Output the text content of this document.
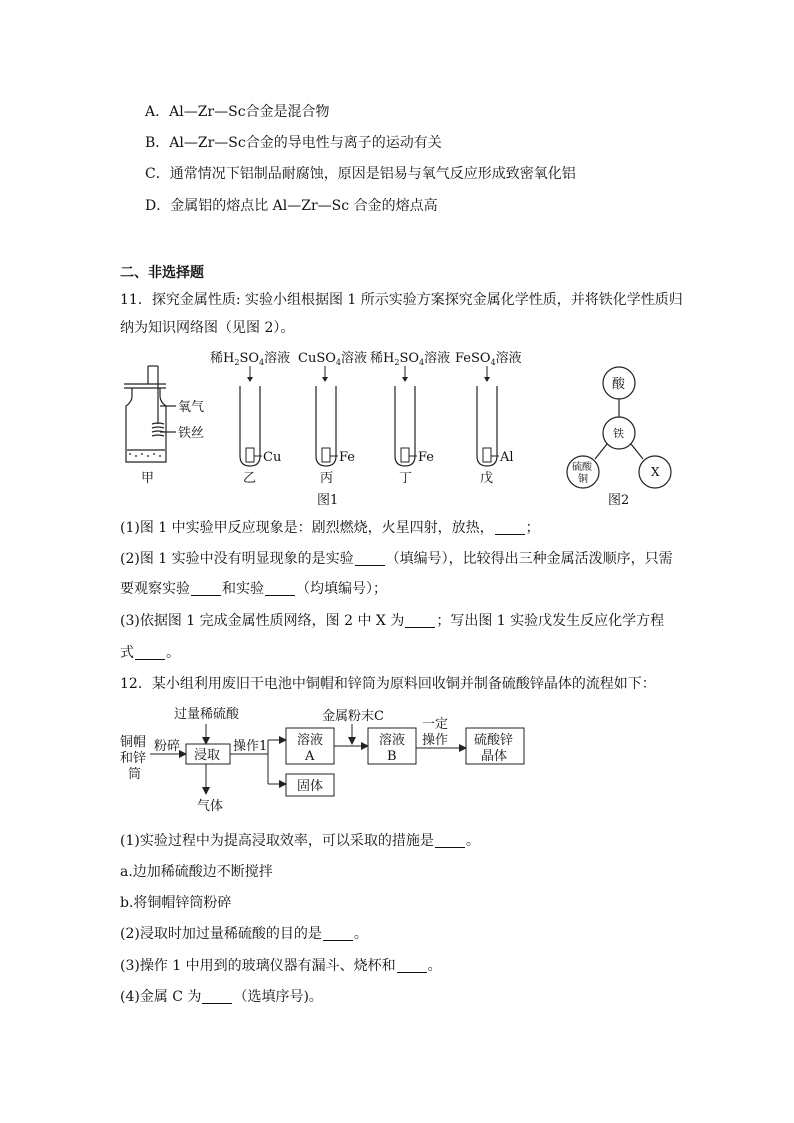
A．Al—Zr—Sc合金是混合物
B．Al—Zr—Sc合金的导电性与离子的运动有关
C．通常情况下铝制品耐腐蚀，原因是铝易与氧气反应形成致密氧化铝
D．金属铝的熔点比 Al—Zr—Sc 合金的熔点高
二、非选择题
11．探究金属性质: 实验小组根据图 1 所示实验方案探究金属化学性质，并将铁化学性质归
纳为知识网络图（见图 2）。
氧气
铁丝
甲
稀$H_2SO_4$溶液
Cu
乙
CuSO$_4$溶液
Fe
丙
稀$H_2SO_4$溶液
Fe
丁
FeSO$_4$溶液
Al
戊
图1
酸
铁
硫酸
铜
X
图2
(1)图 1 中实验甲反应现象是：剧烈燃烧，火星四射，放热， ；
(2)图 1 实验中没有明显现象的是实验 （填编号），比较得出三种金属活泼顺序，只需
要观察实验 和实验 （均填编号）；
(3)依据图 1 完成金属性质网络，图 2 中 X 为 ；写出图 1 实验戊发生反应化学方程
式 。
12．某小组利用废旧干电池中铜帽和锌筒为原料回收铜并制备硫酸锌晶体的流程如下：
铜帽
和锌
筒
粉碎
过量稀硫酸
浸取
气体
操作1 溶液
A
固体
金属粉末C
溶液
B
一定
操作 硫酸锌
晶体
(1)实验过程中为提高浸取效率，可以采取的措施是 。
a.边加稀硫酸边不断搅拌
b.将铜帽锌筒粉碎
(2)浸取时加过量稀硫酸的目的是 。
(3)操作 1 中用到的玻璃仪器有漏斗、烧杯和 。
(4)金属 C 为 （选填序号)。
